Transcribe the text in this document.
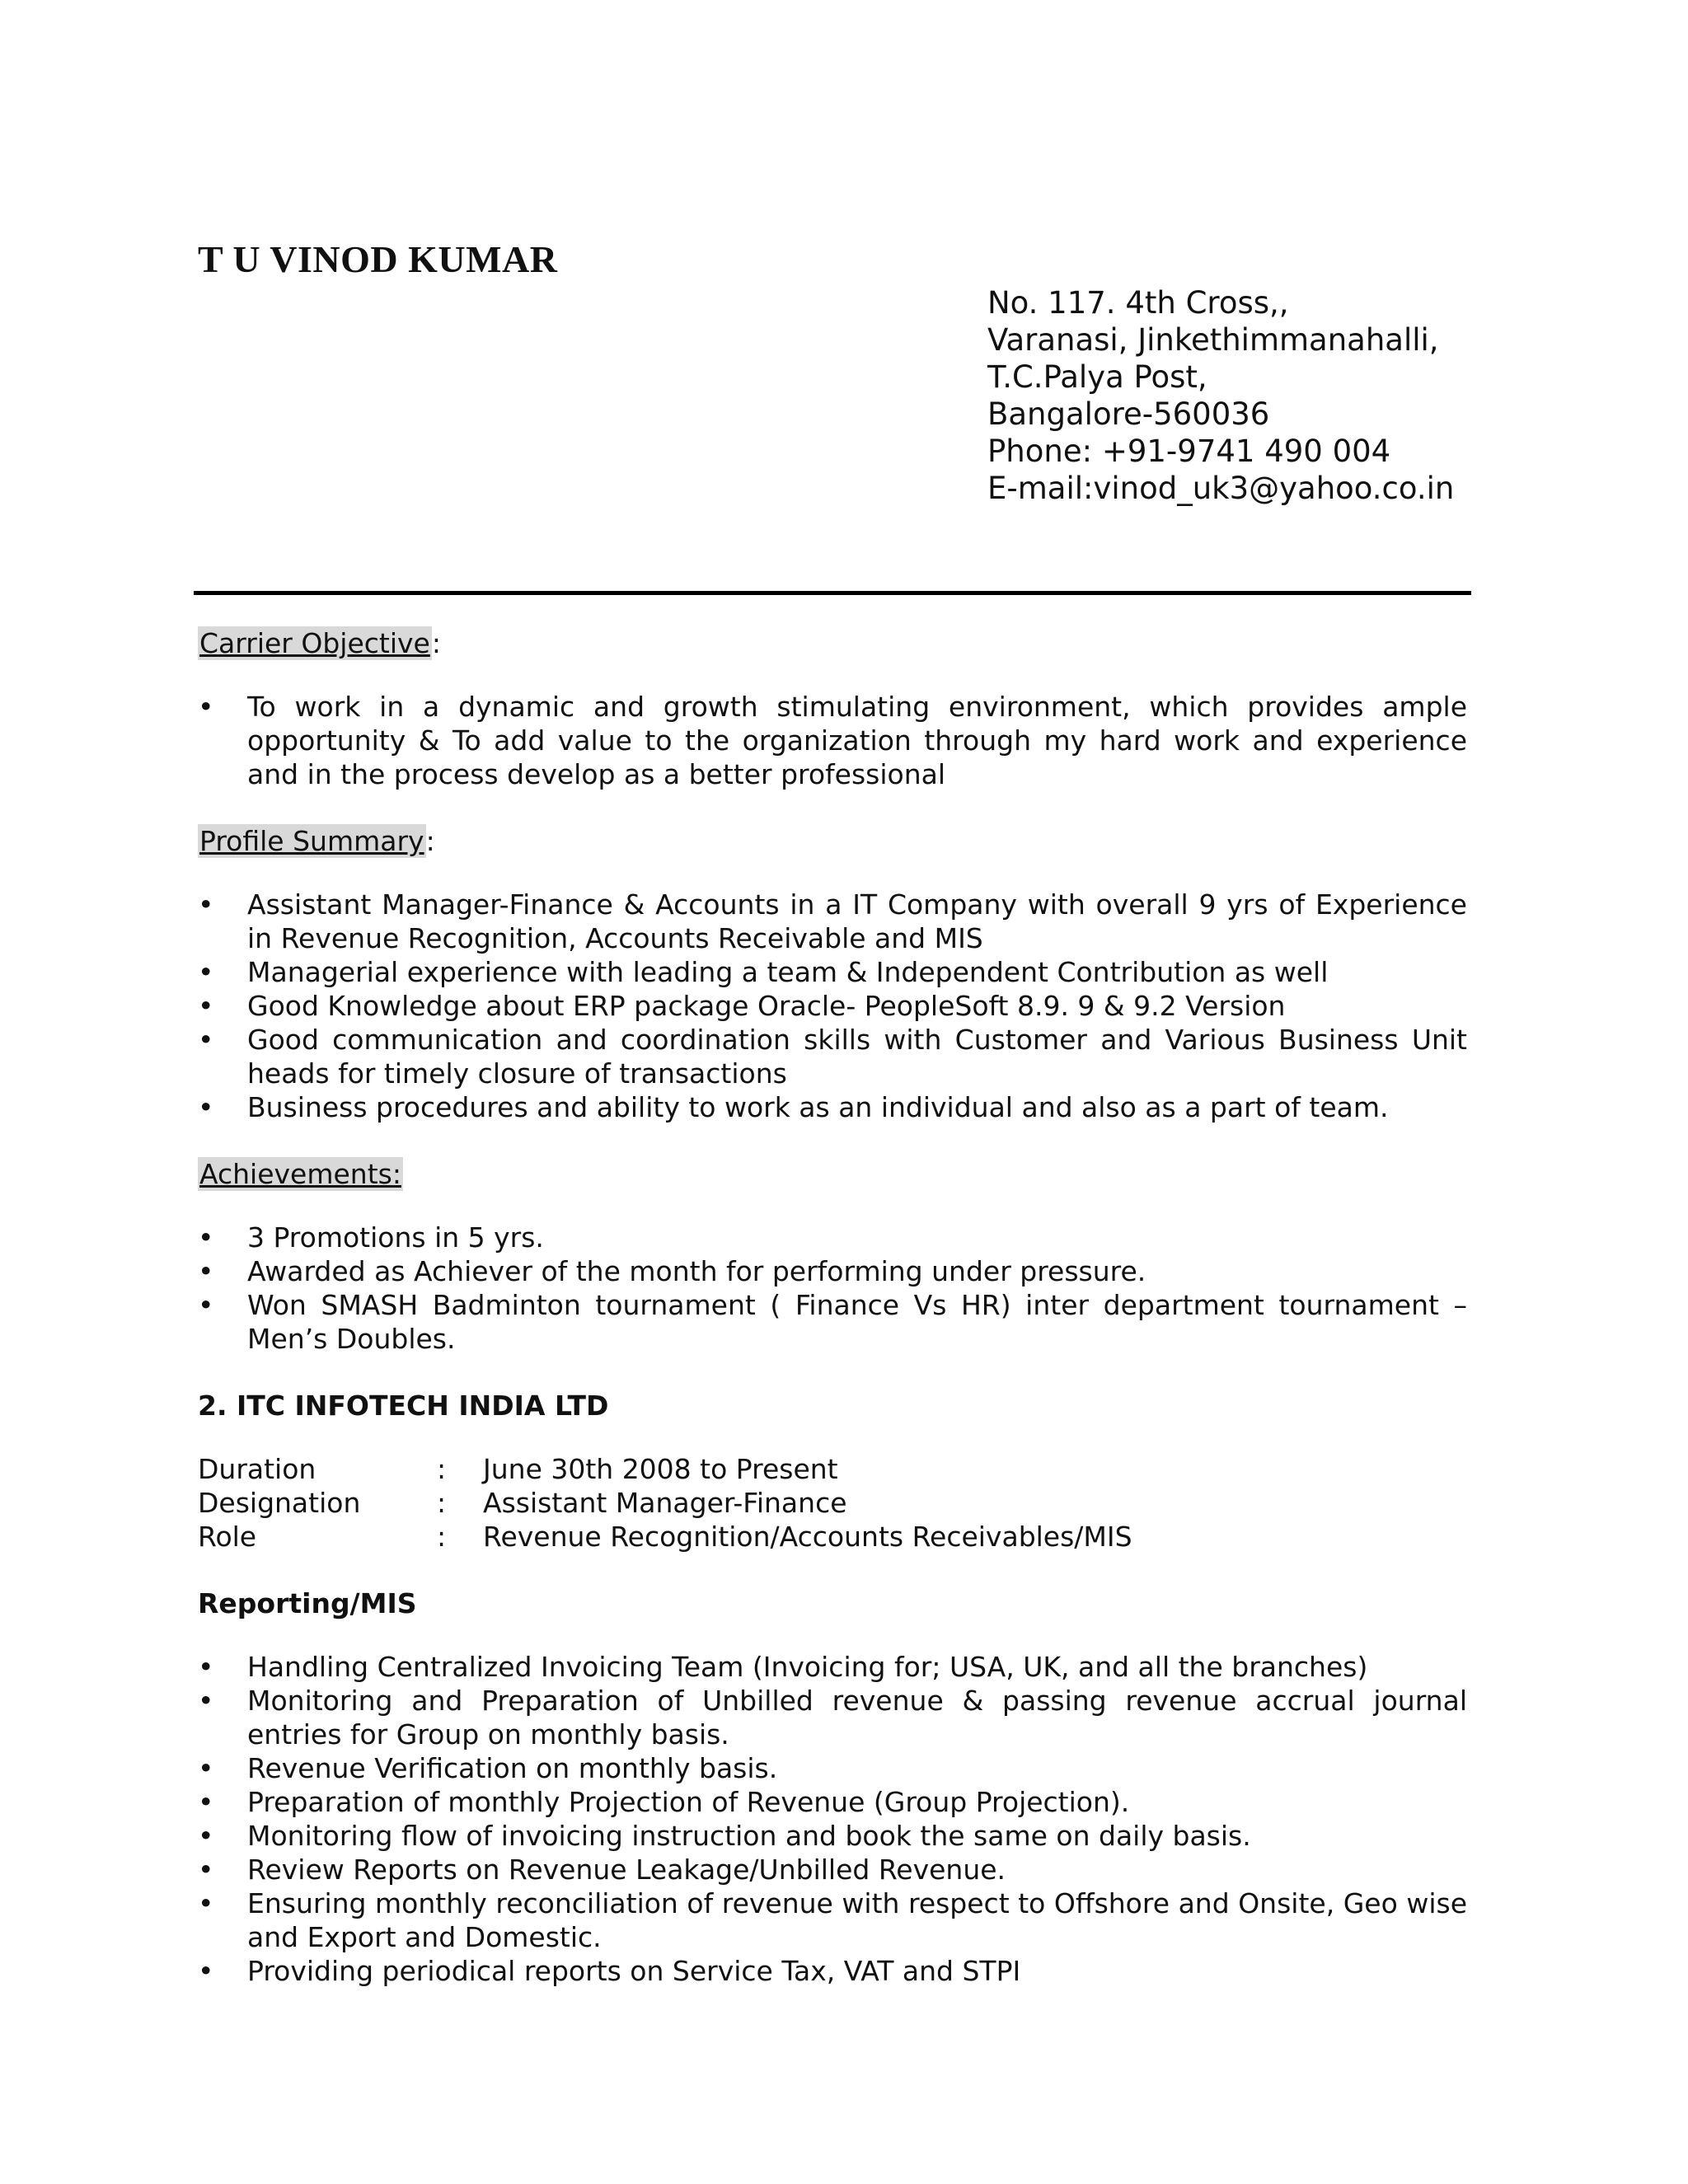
T U VINOD KUMAR
No. 117. 4th Cross,,
Varanasi, Jinkethimmanahalli,
T.C.Palya Post,
Bangalore-560036
Phone: +91-9741 490 004
E-mail:vinod_uk3@yahoo.co.in
Carrier Objective:
• To work in a dynamic and growth stimulating environment, which provides ample opportunity & To add value to the organization through my hard work and experience and in the process develop as a better professional
Profile Summary:
• Assistant Manager-Finance & Accounts in a IT Company with overall 9 yrs of Experience in Revenue Recognition, Accounts Receivable and MIS
• Managerial experience with leading a team & Independent Contribution as well
• Good Knowledge about ERP package Oracle- PeopleSoft 8.9. 9 & 9.2 Version
• Good communication and coordination skills with Customer and Various Business Unit heads for timely closure of transactions
• Business procedures and ability to work as an individual and also as a part of team.
Achievements:
• 3 Promotions in 5 yrs.
• Awarded as Achiever of the month for performing under pressure.
• Won SMASH Badminton tournament ( Finance Vs HR) inter department tournament – Men’s Doubles.

2. ITC INFOTECH INDIA LTD

Duration	:	June 30th 2008 to Present
Designation	:	Assistant Manager-Finance
Role	:	Revenue Recognition/Accounts Receivables/MIS

Reporting/MIS

• Handling Centralized Invoicing Team (Invoicing for; USA, UK, and all the branches)
• Monitoring and Preparation of Unbilled revenue & passing revenue accrual journal entries for Group on monthly basis.
• Revenue Verification on monthly basis.
• Preparation of monthly Projection of Revenue (Group Projection).
• Monitoring flow of invoicing instruction and book the same on daily basis.
• Review Reports on Revenue Leakage/Unbilled Revenue.
• Ensuring monthly reconciliation of revenue with respect to Offshore and Onsite, Geo wise and Export and Domestic.
• Providing periodical reports on Service Tax, VAT and STPI
